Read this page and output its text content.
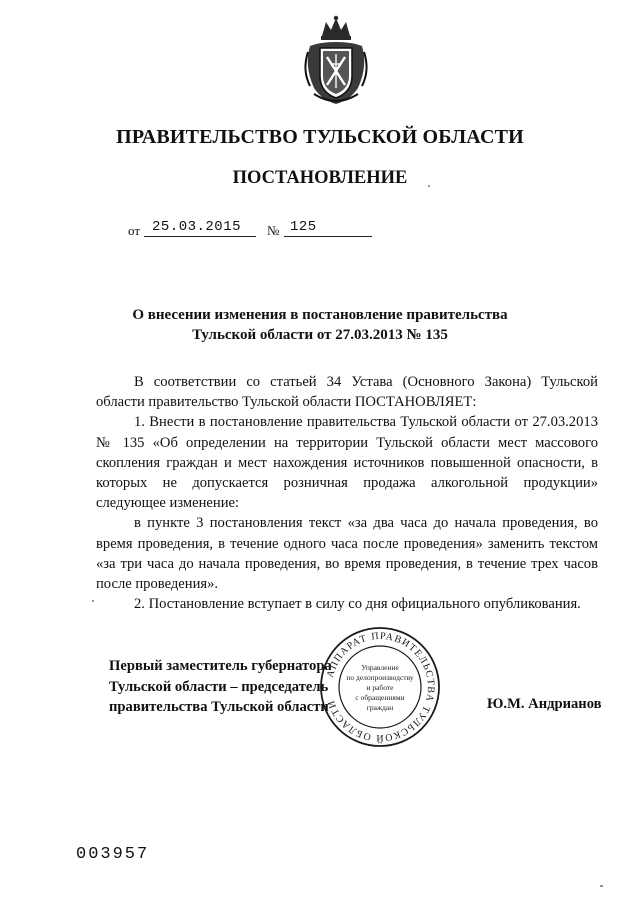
ПРАВИТЕЛЬСТВО ТУЛЬСКОЙ ОБЛАСТИ
ПОСТАНОВЛЕНИЕ
от 25.03.2015 № 125
О внесении изменения в постановление правительства
Тульской области от 27.03.2013 № 135

В соответствии со статьей 34 Устава (Основного Закона) Тульской области правительство Тульской области ПОСТАНОВЛЯЕТ:

1. Внести в постановление правительства Тульской области от 27.03.2013 № 135 «Об определении на территории Тульской области мест массового скопления граждан и мест нахождения источников повышенной опасности, в которых не допускается розничная продажа алкогольной продукции» следующее изменение:

в пункте 3 постановления текст «за два часа до начала проведения, во время проведения, в течение одного часа после проведения» заменить текстом «за три часа до начала проведения, во время проведения, в течение трех часов после проведения».

2. Постановление вступает в силу со дня официального опубликования.

Первый заместитель губернатора
Тульской области – председатель
правительства Тульской области
АППАРАТ ПРАВИТЕЛЬСТВА ТУЛЬСКОЙ ОБЛАСТИ
Управление
по делопроизводству
и работе
с обращениями
граждан	Ю.М. Андрианов
003957
